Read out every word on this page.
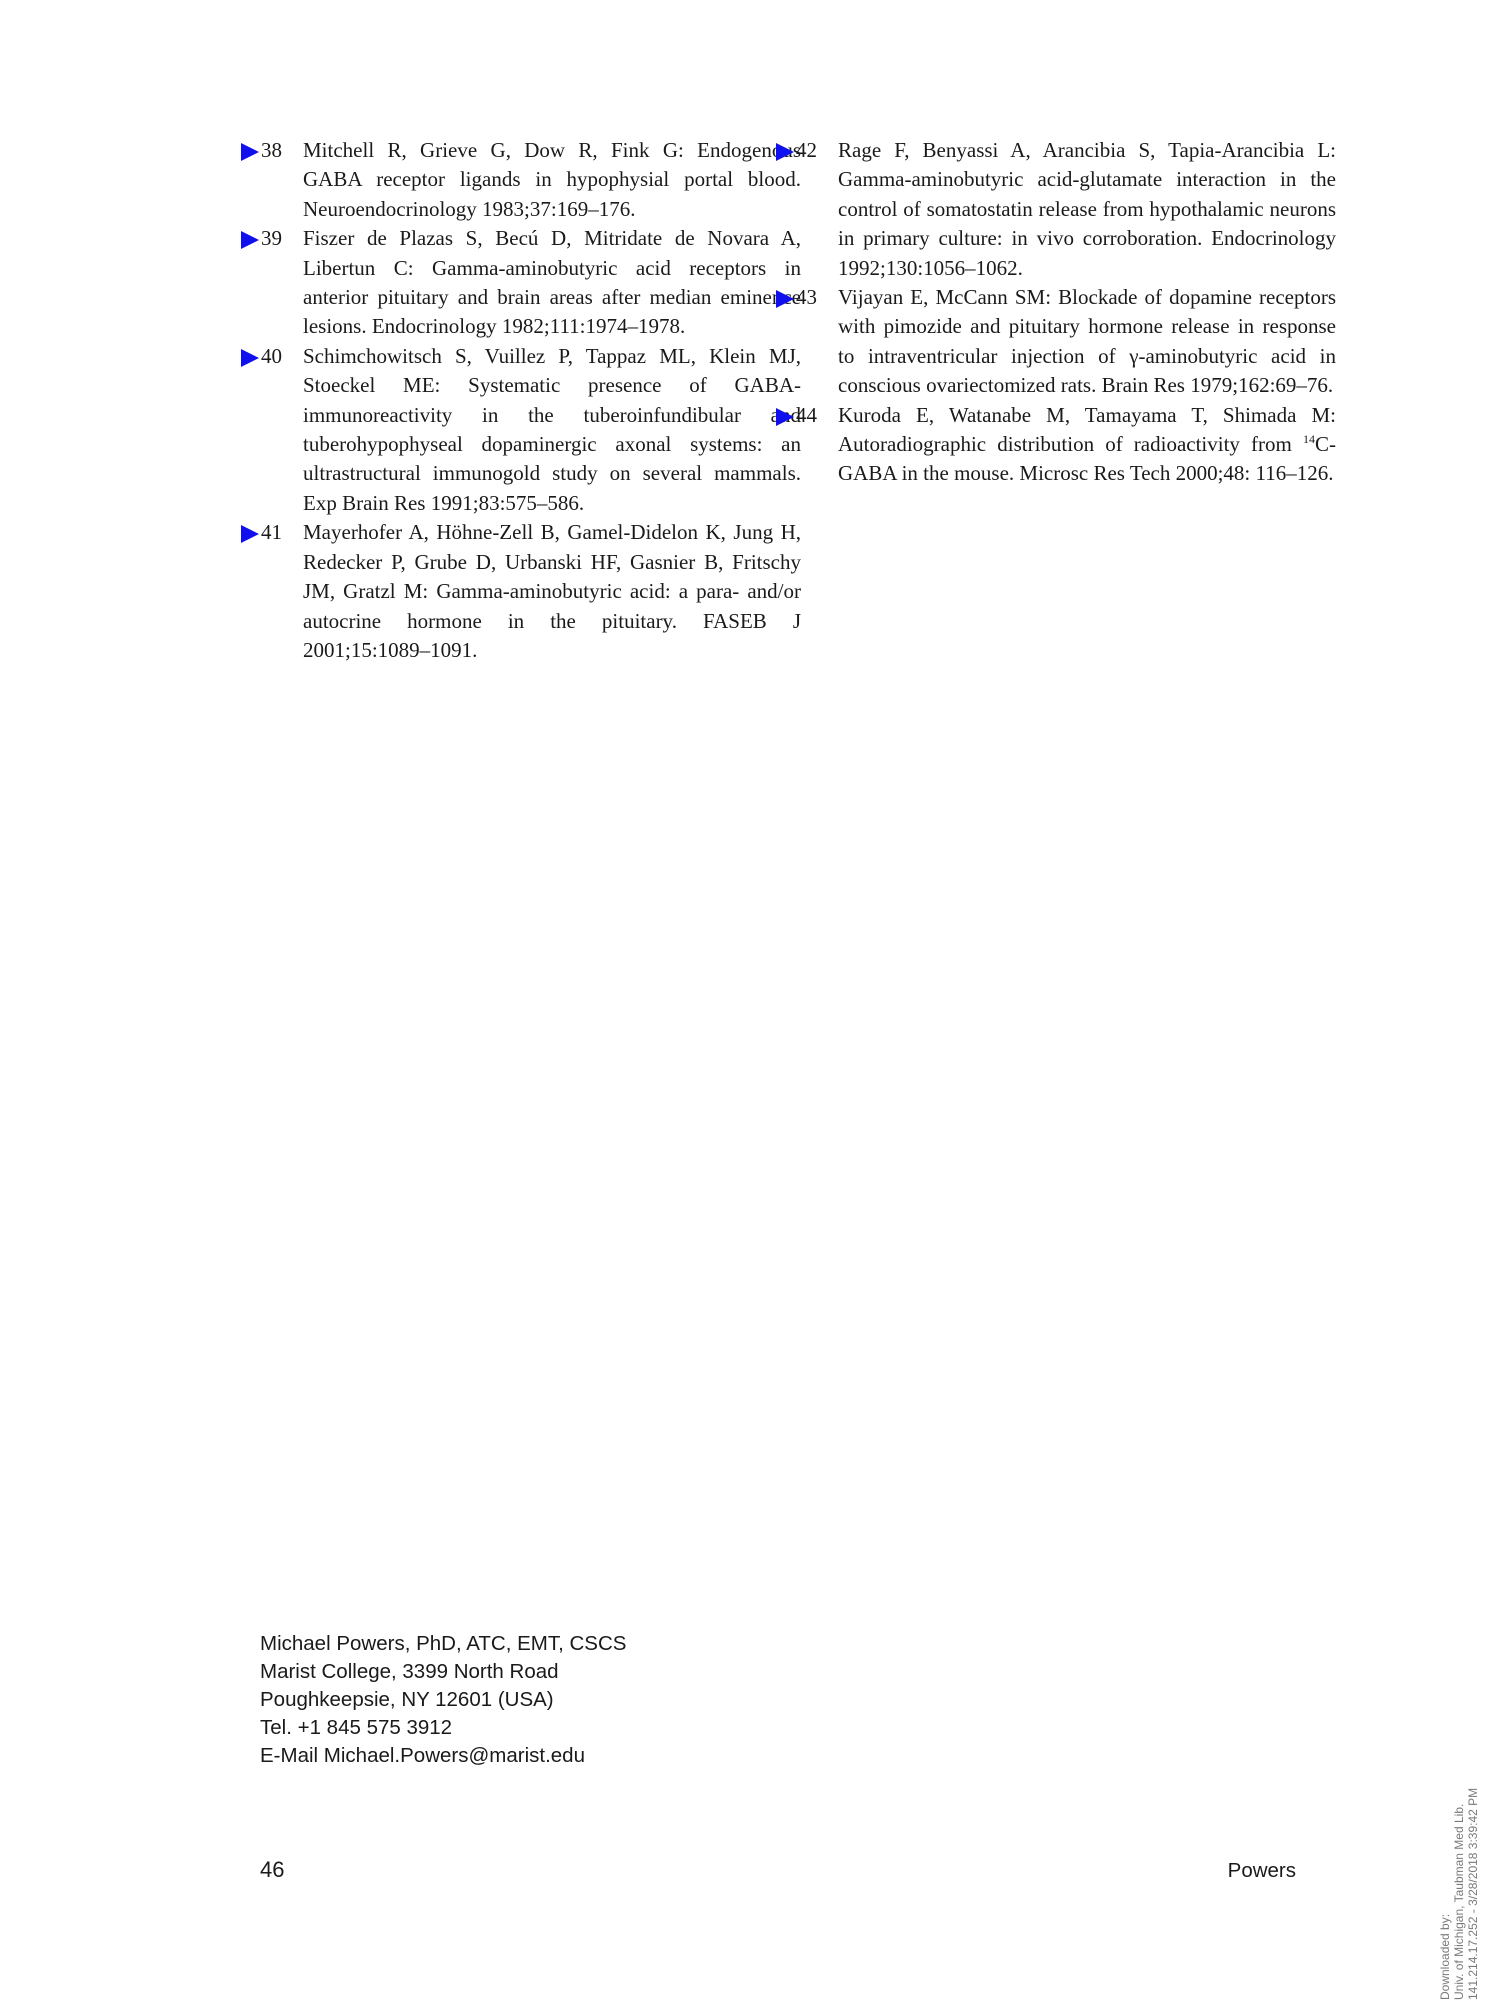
38 Mitchell R, Grieve G, Dow R, Fink G: Endogenous GABA receptor ligands in hypophysial portal blood. Neuroendocrinology 1983;37:169–176.
39 Fiszer de Plazas S, Becú D, Mitridate de Novara A, Libertun C: Gamma-aminobutyric acid receptors in anterior pituitary and brain areas after median eminence lesions. Endocrinology 1982;111:1974–1978.
40 Schimchowitsch S, Vuillez P, Tappaz ML, Klein MJ, Stoeckel ME: Systematic presence of GABA-immunoreactivity in the tuberoinfundibular and tuberohypophyseal dopaminergic axonal systems: an ultrastructural immunogold study on several mammals. Exp Brain Res 1991;83:575–586.
41 Mayerhofer A, Höhne-Zell B, Gamel-Didelon K, Jung H, Redecker P, Grube D, Urbanski HF, Gasnier B, Fritschy JM, Gratzl M: Gamma-aminobutyric acid: a para- and/or autocrine hormone in the pituitary. FASEB J 2001;15:1089–1091.
42 Rage F, Benyassi A, Arancibia S, Tapia-Arancibia L: Gamma-aminobutyric acid-glutamate interaction in the control of somatostatin release from hypothalamic neurons in primary culture: in vivo corroboration. Endocrinology 1992;130:1056–1062.
43 Vijayan E, McCann SM: Blockade of dopamine receptors with pimozide and pituitary hormone release in response to intraventricular injection of γ-aminobutyric acid in conscious ovariectomized rats. Brain Res 1979;162:69–76.
44 Kuroda E, Watanabe M, Tamayama T, Shimada M: Autoradiographic distribution of radioactivity from $^{14}$C-GABA in the mouse. Microsc Res Tech 2000;48: 116–126.
Michael Powers, PhD, ATC, EMT, CSCS
Marist College, 3399 North Road
Poughkeepsie, NY 12601 (USA)
Tel. +1 845 575 3912
E-Mail Michael.Powers@marist.edu
46	Powers
Downloaded by: Univ. of Michigan, Taubman Med Lib. 141.214.17.252 - 3/28/2018 3:39:42 PM
